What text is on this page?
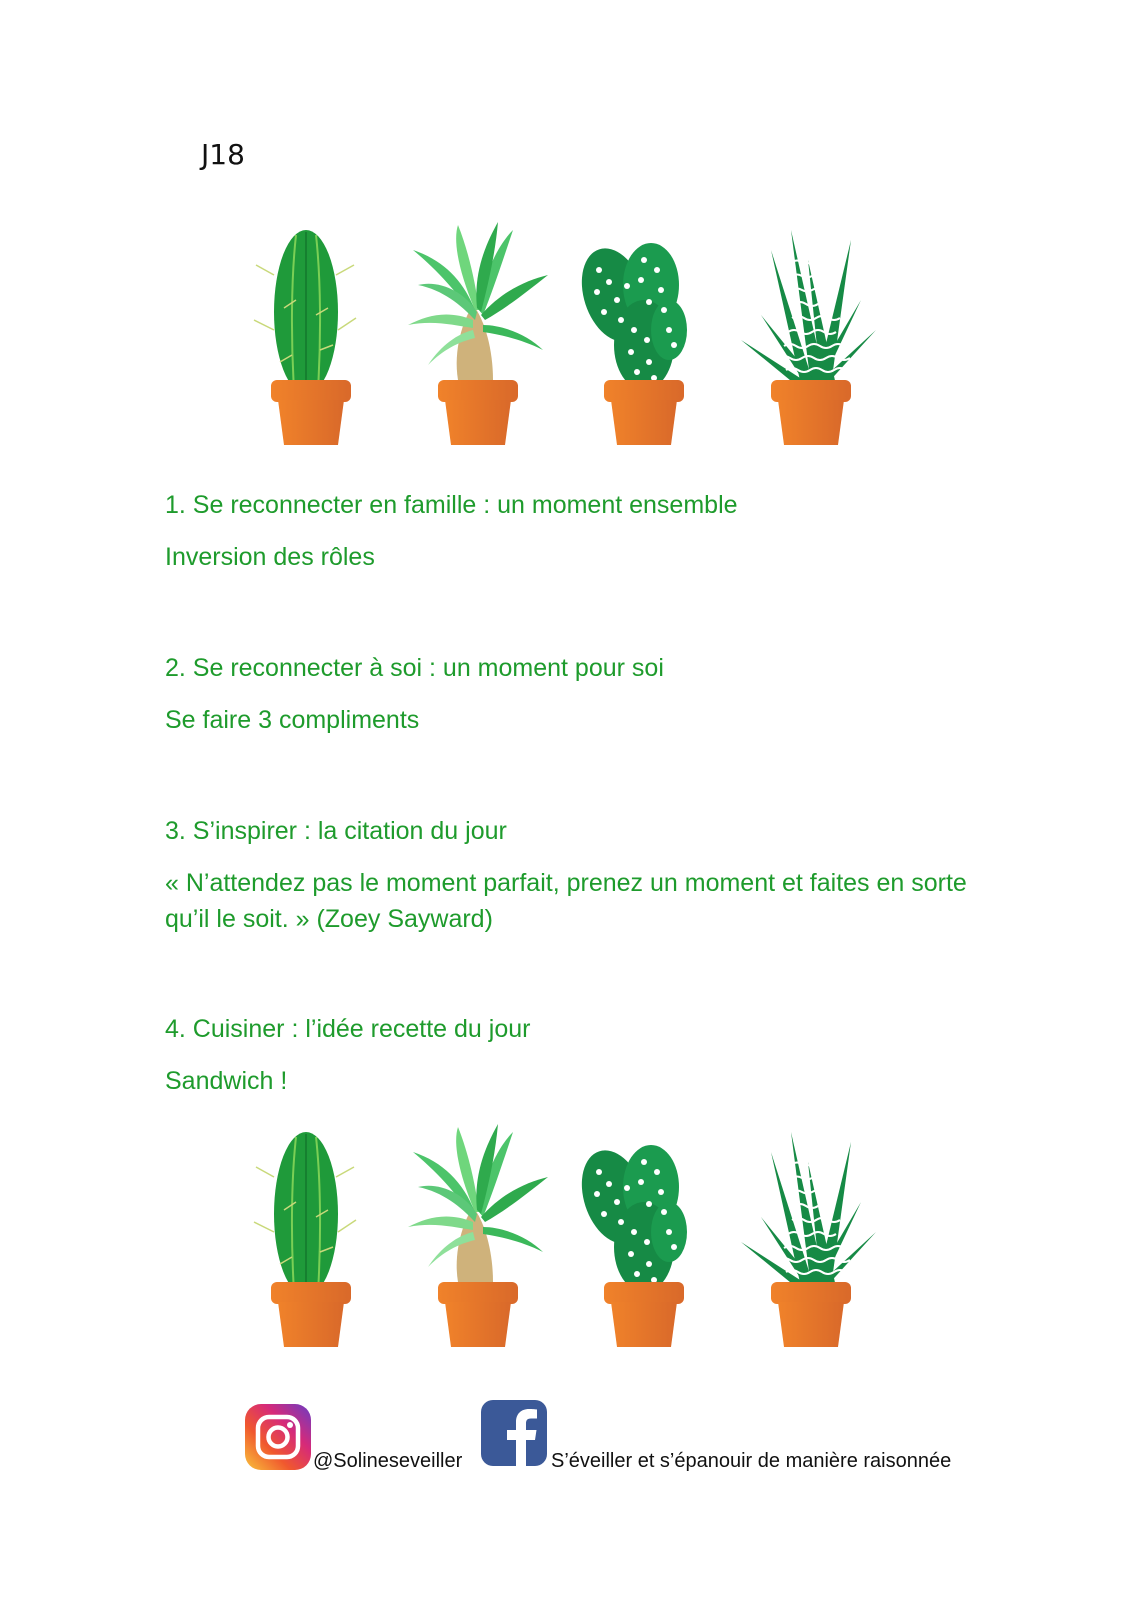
J18

1. Se reconnecter en famille : un moment ensemble

Inversion des rôles

2. Se reconnecter à soi : un moment pour soi

Se faire 3 compliments

3. S’inspirer : la citation du jour

« N’attendez pas le moment parfait, prenez un moment et faites en sorte qu’il le soit. » (Zoey Sayward)

4. Cuisiner : l’idée recette du jour

Sandwich !

@Solineseveiller	S’éveiller et s’épanouir de manière raisonnée
